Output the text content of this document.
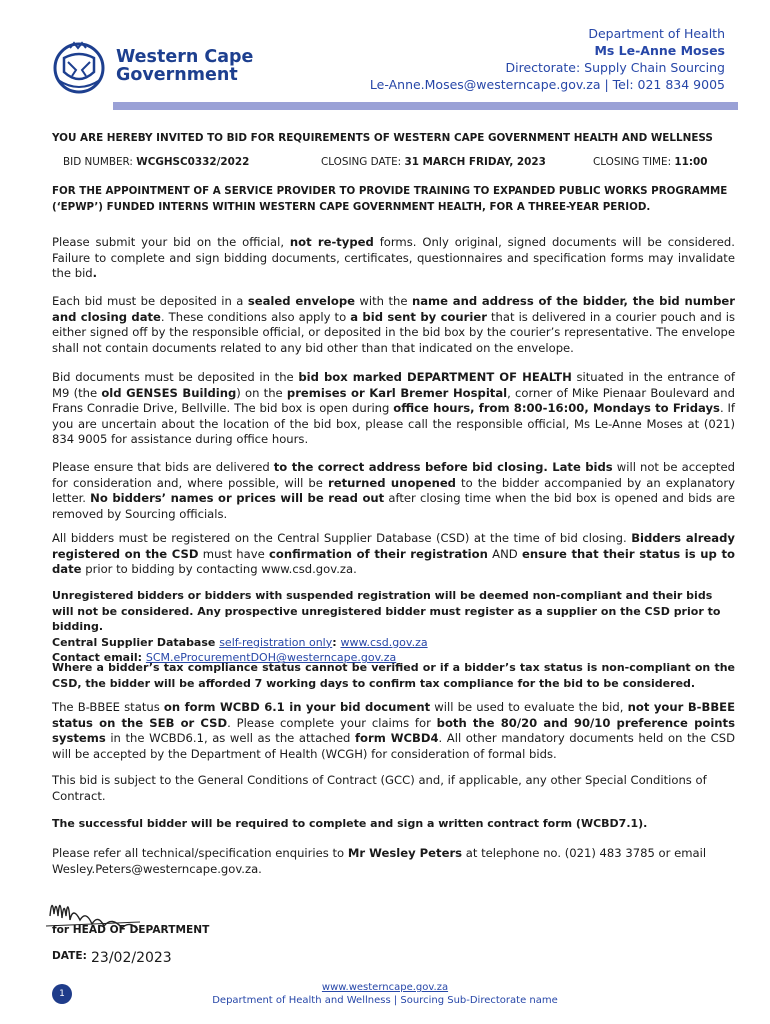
Western Cape
Government
Department of Health
Ms Le-Anne Moses
Directorate: Supply Chain Sourcing
Le-Anne.Moses@westerncape.gov.za | Tel: 021 834 9005
YOU ARE HEREBY INVITED TO BID FOR REQUIREMENTS OF WESTERN CAPE GOVERNMENT HEALTH AND WELLNESS
BID NUMBER: WCGHSC0332/2022	CLOSING DATE: 31 MARCH FRIDAY, 2023	CLOSING TIME: 11:00
FOR THE APPOINTMENT OF A SERVICE PROVIDER TO PROVIDE TRAINING TO EXPANDED PUBLIC WORKS PROGRAMME
(‘EPWP’) FUNDED INTERNS WITHIN WESTERN CAPE GOVERNMENT HEALTH, FOR A THREE-YEAR PERIOD.
Please submit your bid on the official, not re-typed forms. Only original, signed documents will be considered. Failure to complete and sign bidding documents, certificates, questionnaires and specification forms may invalidate the bid.
Each bid must be deposited in a sealed envelope with the name and address of the bidder, the bid number and closing date. These conditions also apply to a bid sent by courier that is delivered in a courier pouch and is either signed off by the responsible official, or deposited in the bid box by the courier’s representative. The envelope shall not contain documents related to any bid other than that indicated on the envelope.
Bid documents must be deposited in the bid box marked DEPARTMENT OF HEALTH situated in the entrance of M9 (the old GENSES Building) on the premises or Karl Bremer Hospital, corner of Mike Pienaar Boulevard and Frans Conradie Drive, Bellville. The bid box is open during office hours, from 8:00-16:00, Mondays to Fridays. If you are uncertain about the location of the bid box, please call the responsible official, Ms Le-Anne Moses at (021) 834 9005 for assistance during office hours.
Please ensure that bids are delivered to the correct address before bid closing. Late bids will not be accepted for consideration and, where possible, will be returned unopened to the bidder accompanied by an explanatory letter. No bidders’ names or prices will be read out after closing time when the bid box is opened and bids are removed by Sourcing officials.
All bidders must be registered on the Central Supplier Database (CSD) at the time of bid closing. Bidders already registered on the CSD must have confirmation of their registration AND ensure that their status is up to date prior to bidding by contacting www.csd.gov.za.
Unregistered bidders or bidders with suspended registration will be deemed non-compliant and their bids will not be considered. Any prospective unregistered bidder must register as a supplier on the CSD prior to bidding.
Central Supplier Database self-registration only: www.csd.gov.za
Contact email: SCM.eProcurementDOH@westerncape.gov.za
Where a bidder’s tax compliance status cannot be verified or if a bidder’s tax status is non-compliant on the CSD, the bidder will be afforded 7 working days to confirm tax compliance for the bid to be considered.
The B-BBEE status on form WCBD 6.1 in your bid document will be used to evaluate the bid, not your B-BBEE status on the SEB or CSD. Please complete your claims for both the 80/20 and 90/10 preference points systems in the WCBD6.1, as well as the attached form WCBD4. All other mandatory documents held on the CSD will be accepted by the Department of Health (WCGH) for consideration of formal bids.
This bid is subject to the General Conditions of Contract (GCC) and, if applicable, any other Special Conditions of Contract.
The successful bidder will be required to complete and sign a written contract form (WCBD7.1).
Please refer all technical/specification enquiries to Mr Wesley Peters at telephone no. (021) 483 3785 or email Wesley.Peters@westerncape.gov.za.
for HEAD OF DEPARTMENT
DATE: 23/02/2023
1
www.westerncape.gov.za
Department of Health and Wellness | Sourcing Sub-Directorate name
